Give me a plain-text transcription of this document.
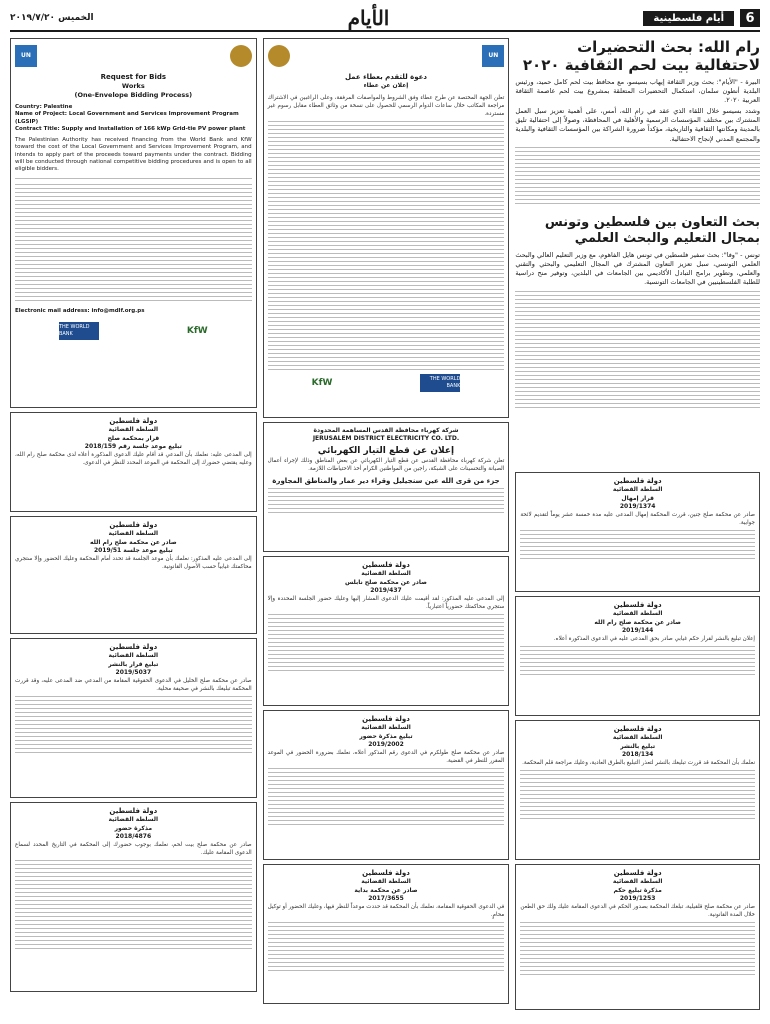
6
أيام فلسطينية
الأيام
الخميس ٢٠١٩/٧/٢٠
UN
Request for Bids
Works
(One-Envelope Bidding Process)
Country: Palestine
Name of Project: Local Government and Services Improvement Program (LGSIP)
Contract Title: Supply and Installation of 166 kWp Grid-tie PV power plant
The Palestinian Authority has received financing from the World Bank and KfW toward the cost of the Local Government and Services Improvement Program, and intends to apply part of the proceeds toward payments under the contract. Bidding will be conducted through national competitive bidding procedures and is open to all eligible bidders.
Electronic mail address: info@mdlf.org.ps
THE WORLD BANK	KfW
دولة فلسطين
السلطة القضائية
قرار بمحكمة صلح
تبليغ موعد جلسة رقم 2018/159
إلى المدعى عليه: نعلمك بأن المدعي قد أقام عليك الدعوى المذكورة أعلاه لدى محكمة صلح رام الله، وعليه يقتضي حضورك إلى المحكمة في الموعد المحدد للنظر في الدعوى.
دولة فلسطين
السلطة القضائية
صادر عن محكمة صلح رام الله
تبليغ موعد جلسة 2019/51
إلى المدعى عليه المذكور: نعلمك بأن موعد الجلسة قد تحدد أمام المحكمة وعليك الحضور وإلا ستجري محاكمتك غيابياً حسب الأصول القانونية.
دولة فلسطين
السلطة القضائية
تبليغ قرار بالنشر
2019/5037
صادر عن محكمة صلح الخليل في الدعوى الحقوقية المقامة من المدعي ضد المدعى عليه، وقد قررت المحكمة تبليغك بالنشر في صحيفة محلية.
دولة فلسطين
السلطة القضائية
مذكرة حضور
2018/4876
صادر عن محكمة صلح بيت لحم، نعلمك بوجوب حضورك إلى المحكمة في التاريخ المحدد لسماع الدعوى المقامة عليك.
UN
دعوة للتقدم بعطاء عمل
إعلان عن عطاء
تعلن الجهة المختصة عن طرح عطاء وفق الشروط والمواصفات المرفقة، وعلى الراغبين في الاشتراك مراجعة المكاتب خلال ساعات الدوام الرسمي للحصول على نسخة من وثائق العطاء مقابل رسوم غير مستردة.
THE WORLD BANK
KfW
شركة كهرباء محافظة القدس المساهمة المحدودة
JERUSALEM DISTRICT ELECTRICITY CO. LTD.
إعلان عن قطع التيار الكهربائي
تعلن شركة كهرباء محافظة القدس عن قطع التيار الكهربائي عن بعض المناطق وذلك لإجراء أعمال الصيانة والتحسينات على الشبكة، راجين من المواطنين الكرام أخذ الاحتياطات اللازمة.
جزء من قرى الله عين سنجيليل وقراء دير عمار والمناطق المجاورة
دولة فلسطين
السلطة القضائية
صادر عن محكمة صلح نابلس
2019/437
إلى المدعى عليه المذكور: لقد أقيمت عليك الدعوى المشار إليها وعليك حضور الجلسة المحددة وإلا ستجري محاكمتك حضورياً اعتبارياً.
دولة فلسطين
السلطة القضائية
تبليغ مذكرة حضور
2019/2002
صادر عن محكمة صلح طولكرم في الدعوى رقم المذكور أعلاه، نعلمك بضرورة الحضور في الموعد المقرر للنظر في القضية.
دولة فلسطين
السلطة القضائية
صادر عن محكمة بداية
2017/3655
في الدعوى الحقوقية المقامة، نعلمك بأن المحكمة قد حددت موعداً للنظر فيها، وعليك الحضور أو توكيل محامٍ.
رام الله: بحث التحضيرات لاحتفالية بيت لحم الثقافية ٢٠٢٠
البيرة - "الأيام": بحث وزير الثقافة إيهاب بسيسو، مع محافظ بيت لحم كامل حميد، ورئيس البلدية أنطون سلمان، استكمال التحضيرات المتعلقة بمشروع بيت لحم عاصمة الثقافة العربية ٢٠٢٠.
وشدد بسيسو خلال اللقاء الذي عقد في رام الله، أمس، على أهمية تعزيز سبل العمل المشترك بين مختلف المؤسسات الرسمية والأهلية في المحافظة، وصولاً إلى احتفالية تليق بالمدينة ومكانتها الثقافية والتاريخية، مؤكداً ضرورة الشراكة بين المؤسسات الثقافية والبلدية والمجتمع المدني لإنجاح الاحتفالية.
بحث التعاون بين فلسطين وتونس بمجال التعليم والبحث العلمي
تونس - "وفا": بحث سفير فلسطين في تونس هايل الفاهوم، مع وزير التعليم العالي والبحث العلمي التونسي، سبل تعزيز التعاون المشترك في المجال التعليمي والبحثي والتقني والعلمي، وتطوير برامج التبادل الأكاديمي بين الجامعات في البلدين، وتوفير منح دراسية للطلبة الفلسطينيين في الجامعات التونسية.
دولة فلسطين
السلطة القضائية
قرار إمهال
2019/1374
صادر عن محكمة صلح جنين، قررت المحكمة إمهال المدعى عليه مدة خمسة عشر يوماً لتقديم لائحة جوابية.
دولة فلسطين
السلطة القضائية
صادر عن محكمة صلح رام الله
2019/144
إعلان تبليغ بالنشر لقرار حكم غيابي صادر بحق المدعى عليه في الدعوى المذكورة أعلاه.
دولة فلسطين
السلطة القضائية
تبليغ بالنشر
2018/134
نعلمك بأن المحكمة قد قررت تبليغك بالنشر لتعذر التبليغ بالطرق العادية، وعليك مراجعة قلم المحكمة.
دولة فلسطين
السلطة القضائية
مذكرة تبليغ حكم
2019/1253
صادر عن محكمة صلح قلقيلية، تبلغك المحكمة بصدور الحكم في الدعوى المقامة عليك ولك حق الطعن خلال المدة القانونية.
